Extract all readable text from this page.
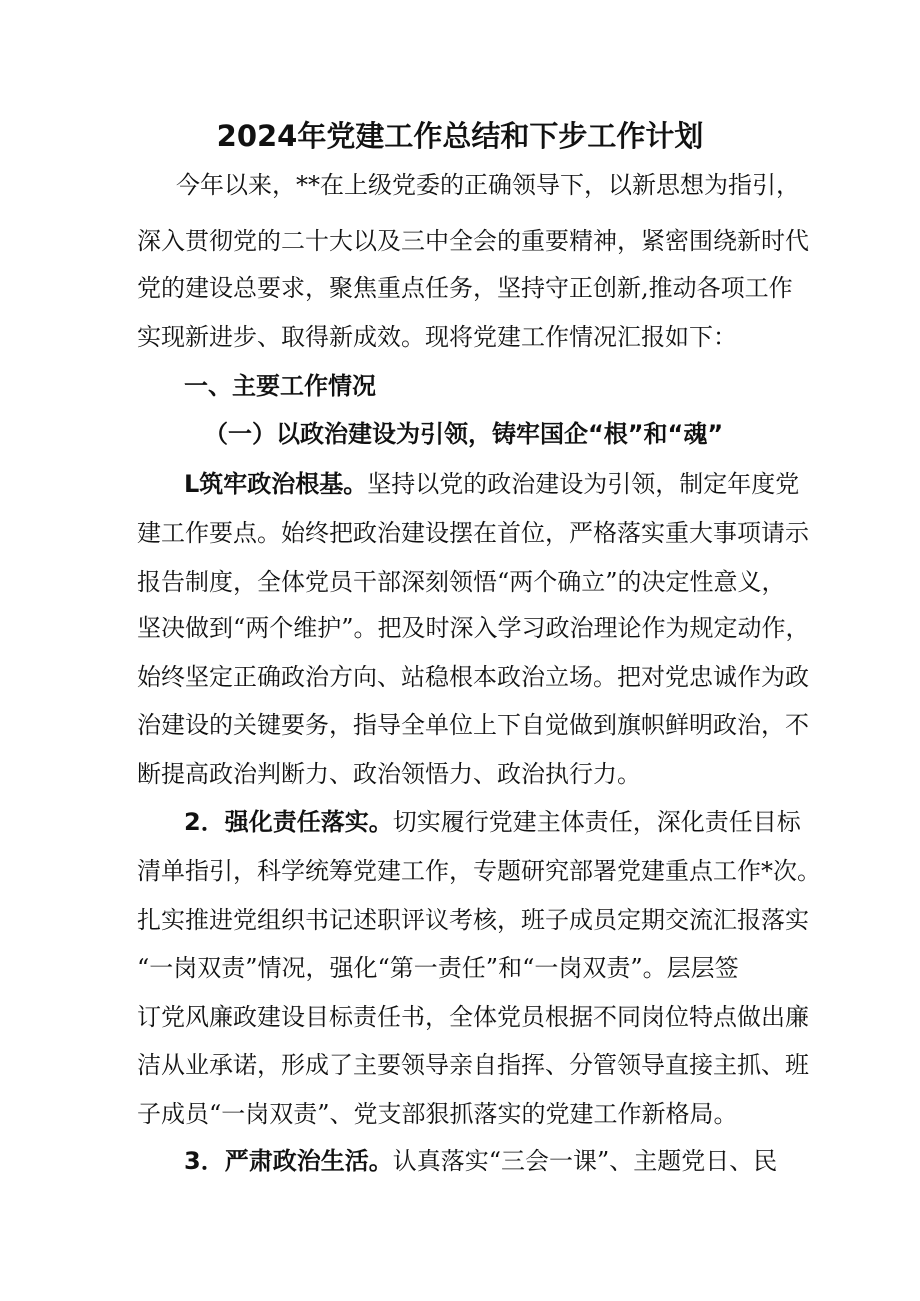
2024年党建工作总结和下步工作计划
今年以来，**在上级党委的正确领导下，以新思想为指引，
深入贯彻党的二十大以及三中全会的重要精神，紧密围绕新时代
党的建设总要求，聚焦重点任务，坚持守正创新,推动各项工作
实现新进步、取得新成效。现将党建工作情况汇报如下：
一、主要工作情况
（一）以政治建设为引领，铸牢国企“根”和“魂”
L筑牢政治根基。坚持以党的政治建设为引领，制定年度党
建工作要点。始终把政治建设摆在首位，严格落实重大事项请示
报告制度，全体党员干部深刻领悟“两个确立”的决定性意义，
坚决做到“两个维护”。把及时深入学习政治理论作为规定动作，
始终坚定正确政治方向、站稳根本政治立场。把对党忠诚作为政
治建设的关键要务，指导全单位上下自觉做到旗帜鲜明政治，不
断提高政治判断力、政治领悟力、政治执行力。
2．强化责任落实。切实履行党建主体责任，深化责任目标
清单指引，科学统筹党建工作，专题研究部署党建重点工作*次。
扎实推进党组织书记述职评议考核，班子成员定期交流汇报落实
“一岗双责”情况，强化“第一责任”和“一岗双责”。层层签
订党风廉政建设目标责任书，全体党员根据不同岗位特点做出廉
洁从业承诺，形成了主要领导亲自指挥、分管领导直接主抓、班
子成员“一岗双责”、党支部狠抓落实的党建工作新格局。
3．严肃政治生活。认真落实“三会一课”、主题党日、民
